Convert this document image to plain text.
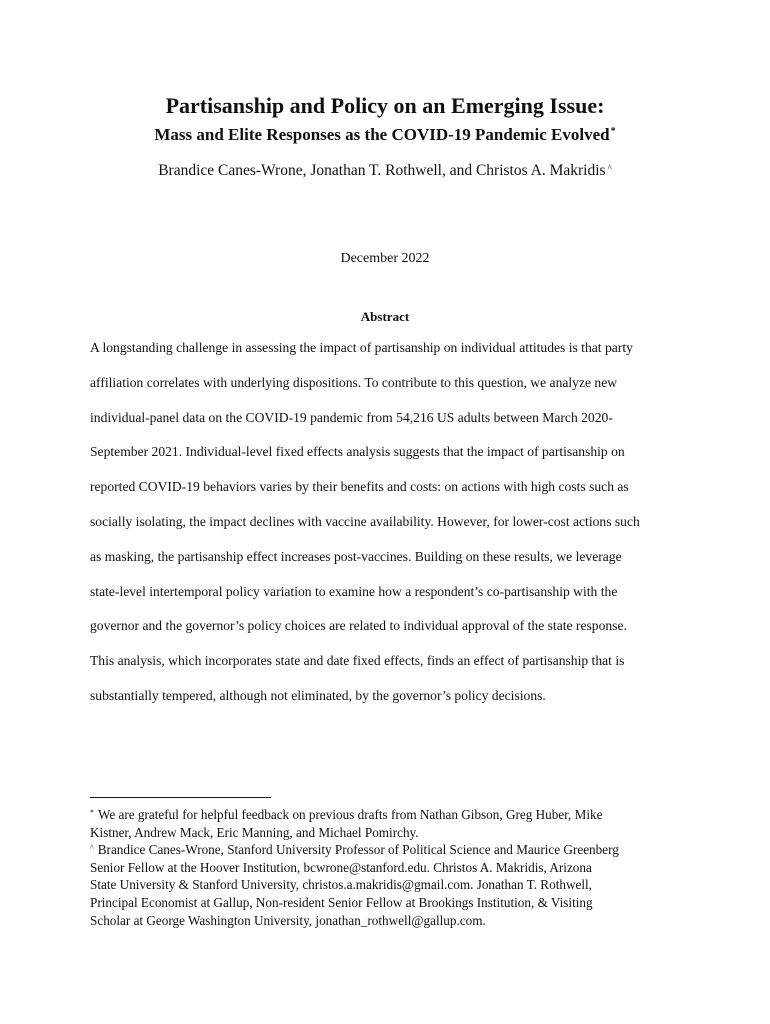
Partisanship and Policy on an Emerging Issue:
Mass and Elite Responses as the COVID-19 Pandemic Evolved*
Brandice Canes-Wrone, Jonathan T. Rothwell, and Christos A. Makridis ^
December 2022
Abstract
A longstanding challenge in assessing the impact of partisanship on individual attitudes is that party
affiliation correlates with underlying dispositions. To contribute to this question, we analyze new
individual-panel data on the COVID-19 pandemic from 54,216 US adults between March 2020-
September 2021. Individual-level fixed effects analysis suggests that the impact of partisanship on
reported COVID-19 behaviors varies by their benefits and costs: on actions with high costs such as
socially isolating, the impact declines with vaccine availability. However, for lower-cost actions such
as masking, the partisanship effect increases post-vaccines. Building on these results, we leverage
state-level intertemporal policy variation to examine how a respondent’s co-partisanship with the
governor and the governor’s policy choices are related to individual approval of the state response.
This analysis, which incorporates state and date fixed effects, finds an effect of partisanship that is
substantially tempered, although not eliminated, by the governor’s policy decisions.
* We are grateful for helpful feedback on previous drafts from Nathan Gibson, Greg Huber, Mike
Kistner, Andrew Mack, Eric Manning, and Michael Pomirchy.
^ Brandice Canes-Wrone, Stanford University Professor of Political Science and Maurice Greenberg
Senior Fellow at the Hoover Institution, bcwrone@stanford.edu. Christos A. Makridis, Arizona
State University & Stanford University, christos.a.makridis@gmail.com. Jonathan T. Rothwell,
Principal Economist at Gallup, Non-resident Senior Fellow at Brookings Institution, & Visiting
Scholar at George Washington University, jonathan_rothwell@gallup.com.
